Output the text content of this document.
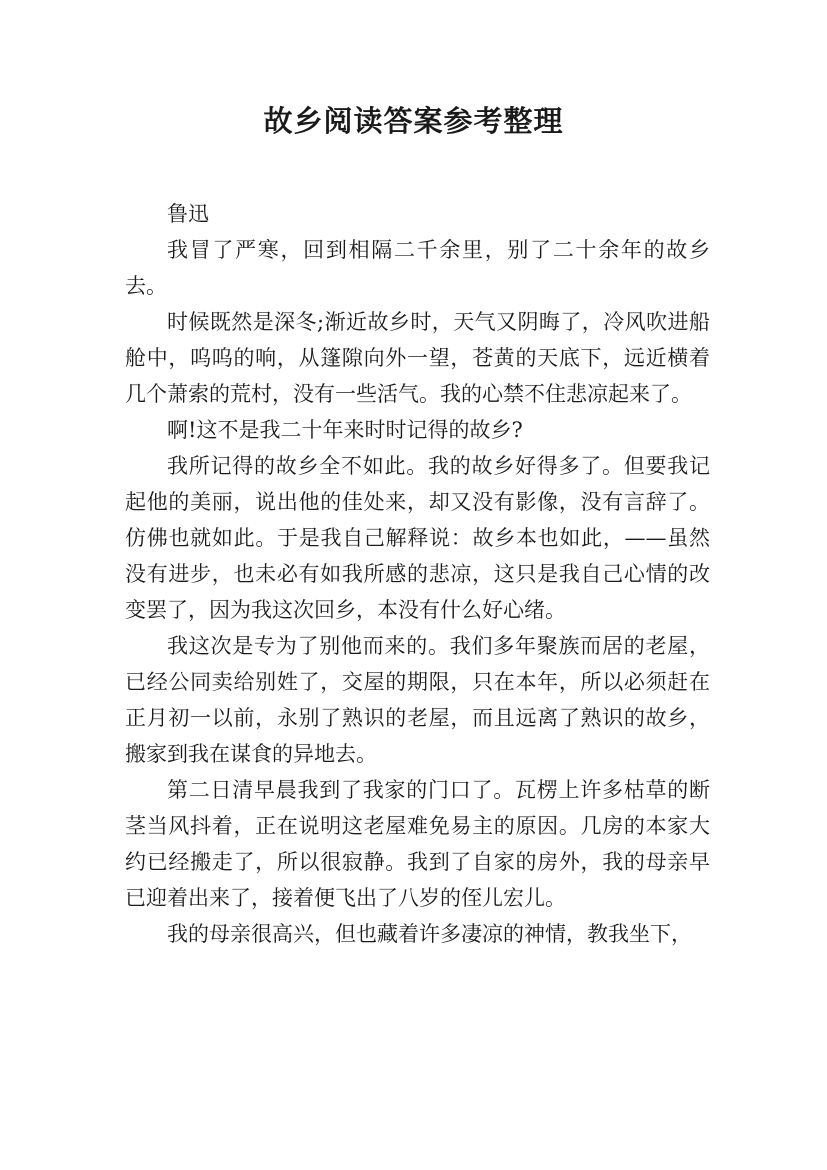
故乡阅读答案参考整理

鲁迅

我冒了严寒，回到相隔二千余里，别了二十余年的故乡去。

时候既然是深冬;渐近故乡时，天气又阴晦了，冷风吹进船舱中，呜呜的响，从篷隙向外一望，苍黄的天底下，远近横着几个萧索的荒村，没有一些活气。我的心禁不住悲凉起来了。

啊!这不是我二十年来时时记得的故乡?

我所记得的故乡全不如此。我的故乡好得多了。但要我记起他的美丽，说出他的佳处来，却又没有影像，没有言辞了。仿佛也就如此。于是我自己解释说：故乡本也如此，——虽然没有进步，也未必有如我所感的悲凉，这只是我自己心情的改变罢了，因为我这次回乡，本没有什么好心绪。

我这次是专为了别他而来的。我们多年聚族而居的老屋，已经公同卖给别姓了，交屋的期限，只在本年，所以必须赶在正月初一以前，永别了熟识的老屋，而且远离了熟识的故乡，搬家到我在谋食的异地去。

第二日清早晨我到了我家的门口了。瓦楞上许多枯草的断茎当风抖着，正在说明这老屋难免易主的原因。几房的本家大约已经搬走了，所以很寂静。我到了自家的房外，我的母亲早已迎着出来了，接着便飞出了八岁的侄儿宏儿。

我的母亲很高兴，但也藏着许多凄凉的神情，教我坐下，
